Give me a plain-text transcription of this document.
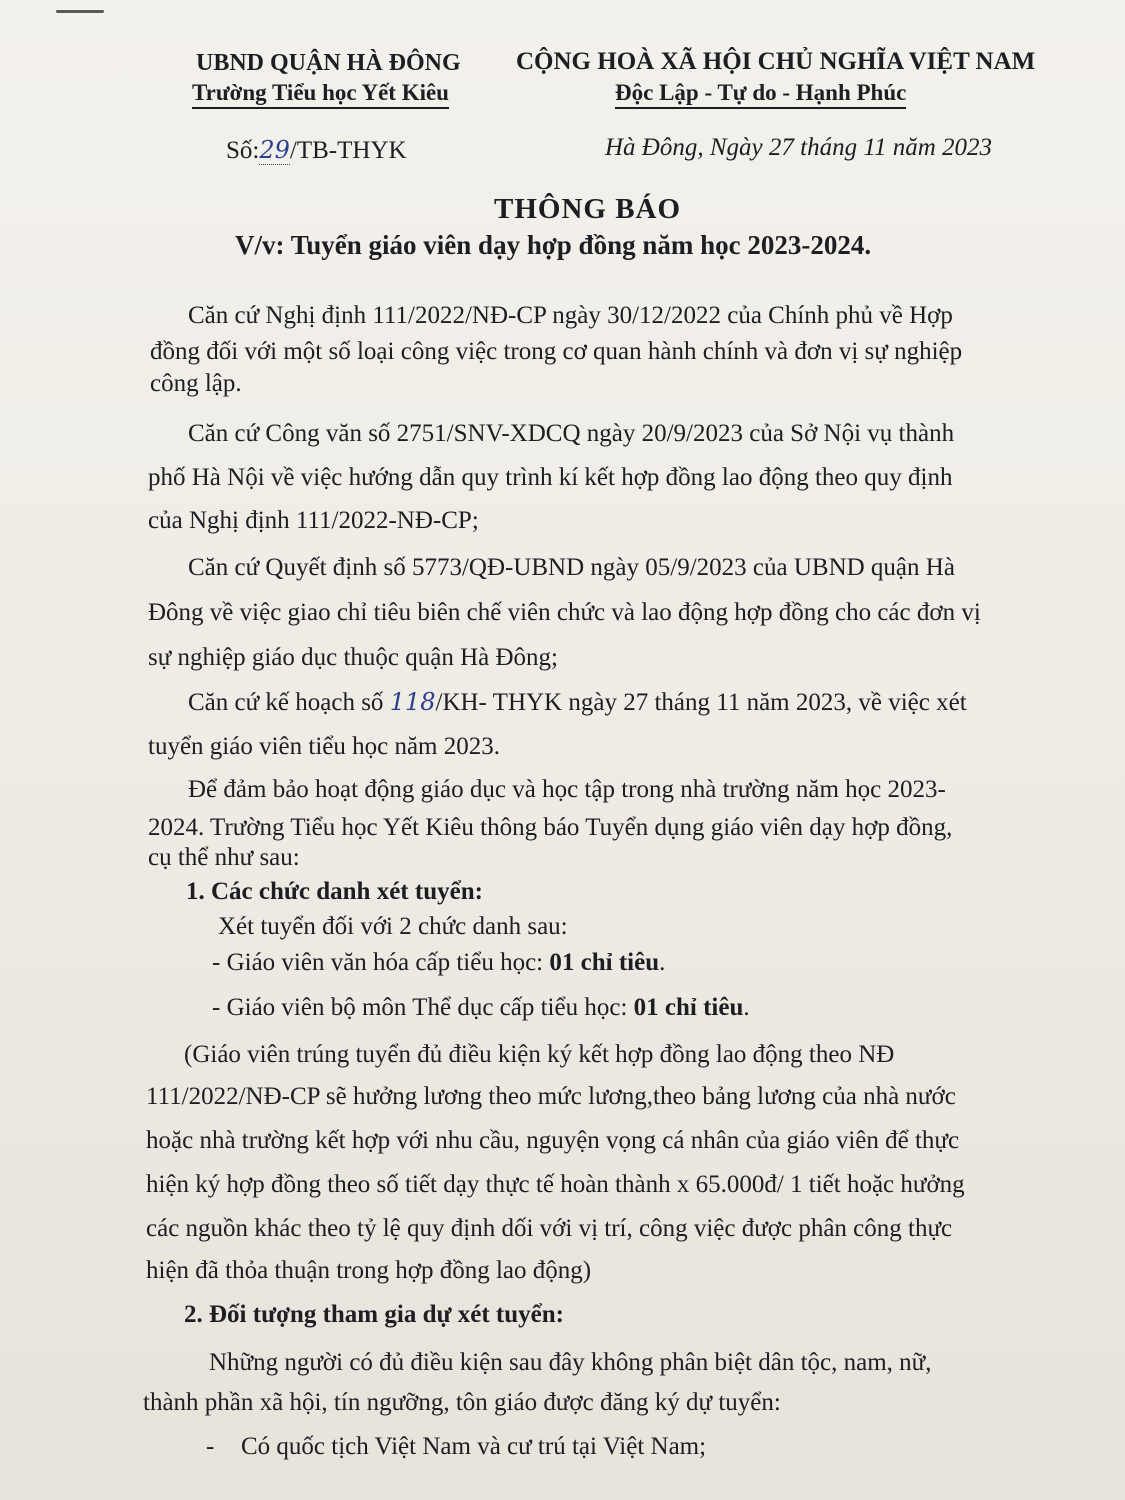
UBND QUẬN HÀ ĐÔNG
Trường Tiểu học Yết Kiêu
CỘNG HOÀ XÃ HỘI CHỦ NGHĨA VIỆT NAM
Độc Lập - Tự do - Hạnh Phúc
Số:29/TB-THYK	Hà Đông, Ngày 27 tháng 11 năm 2023
THÔNG BÁO
V/v: Tuyển giáo viên dạy hợp đồng năm học 2023-2024.
Căn cứ Nghị định 111/2022/NĐ-CP ngày 30/12/2022 của Chính phủ về Hợp
đồng đối với một số loại công việc trong cơ quan hành chính và đơn vị sự nghiệp
công lập.
Căn cứ Công văn số 2751/SNV-XDCQ ngày 20/9/2023 của Sở Nội vụ thành
phố Hà Nội về việc hướng dẫn quy trình kí kết hợp đồng lao động theo quy định
của Nghị định 111/2022-NĐ-CP;
Căn cứ Quyết định số 5773/QĐ-UBND ngày 05/9/2023 của UBND quận Hà
Đông về việc giao chỉ tiêu biên chế viên chức và lao động hợp đồng cho các đơn vị
sự nghiệp giáo dục thuộc quận Hà Đông;
Căn cứ kế hoạch số 118/KH- THYK ngày 27 tháng 11 năm 2023, về việc xét
tuyển giáo viên tiểu học năm 2023.
Để đảm bảo hoạt động giáo dục và học tập trong nhà trường năm học 2023-
2024. Trường Tiểu học Yết Kiêu thông báo Tuyển dụng giáo viên dạy hợp đồng,
cụ thể như sau:
1. Các chức danh xét tuyển:
Xét tuyển đối với 2 chức danh sau:
- Giáo viên văn hóa cấp tiểu học: 01 chỉ tiêu.
- Giáo viên bộ môn Thể dục cấp tiểu học: 01 chỉ tiêu.
(Giáo viên trúng tuyển đủ điều kiện ký kết hợp đồng lao động theo NĐ
111/2022/NĐ-CP sẽ hưởng lương theo mức lương,theo bảng lương của nhà nước
hoặc nhà trường kết hợp với nhu cầu, nguyện vọng cá nhân của giáo viên để thực
hiện ký hợp đồng theo số tiết dạy thực tế hoàn thành x 65.000đ/ 1 tiết hoặc hưởng
các nguồn khác theo tỷ lệ quy định dối với vị trí, công việc được phân công thực
hiện đã thỏa thuận trong hợp đồng lao động)
2. Đối tượng tham gia dự xét tuyển:
Những người có đủ điều kiện sau đây không phân biệt dân tộc, nam, nữ,
thành phần xã hội, tín ngưỡng, tôn giáo được đăng ký dự tuyển:
- Có quốc tịch Việt Nam và cư trú tại Việt Nam;
